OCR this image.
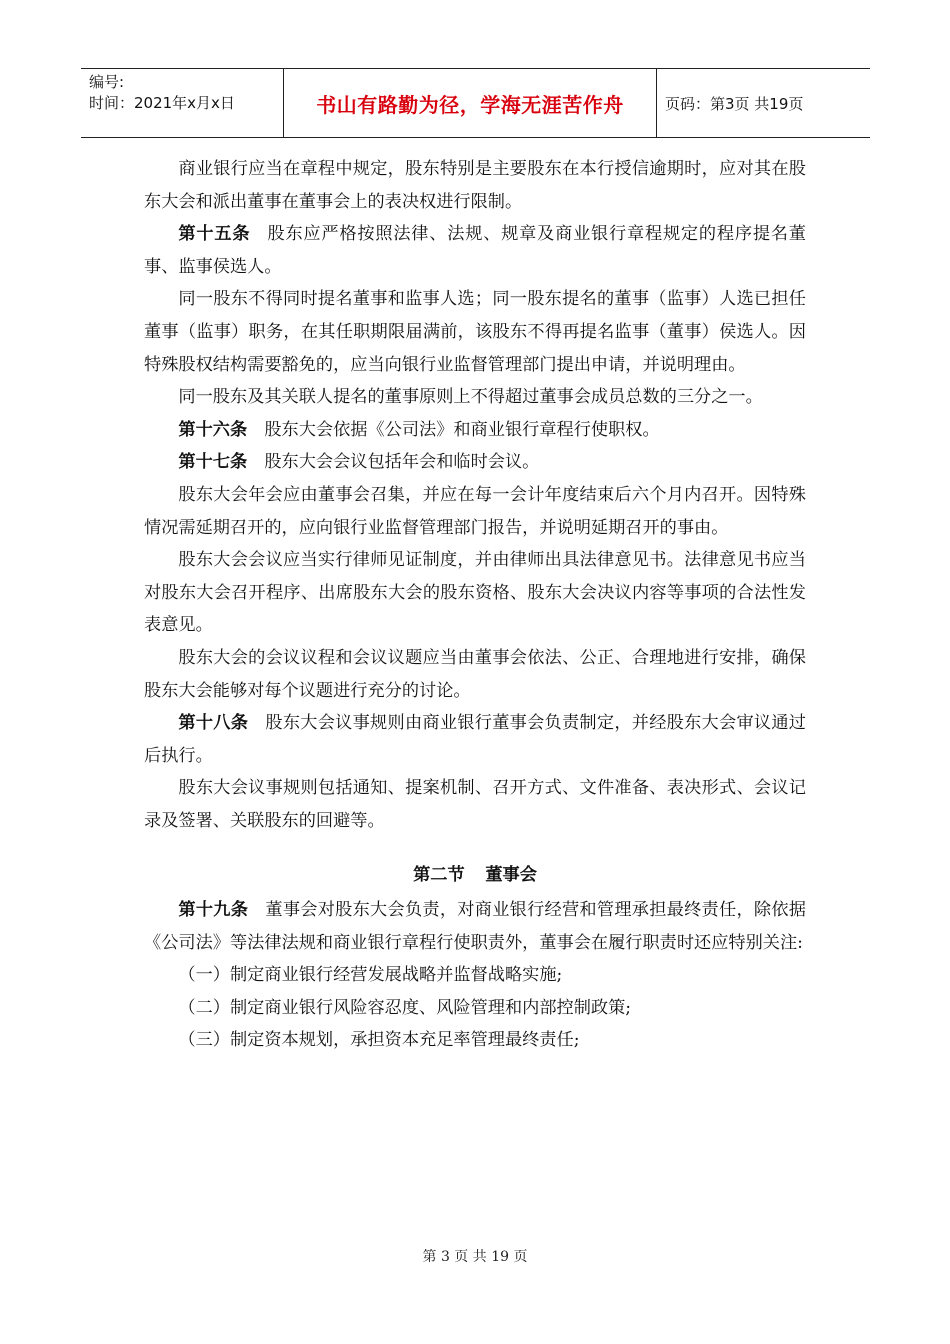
编号:
时间：2021年x月x日	书山有路勤为径，学海无涯苦作舟	页码：第3页 共19页

商业银行应当在章程中规定，股东特别是主要股东在本行授信逾期时，应对其在股东大会和派出董事在董事会上的表决权进行限制。

第十五条 股东应严格按照法律、法规、规章及商业银行章程规定的程序提名董事、监事侯选人。

同一股东不得同时提名董事和监事人选；同一股东提名的董事（监事）人选已担任董事（监事）职务，在其任职期限届满前，该股东不得再提名监事（董事）侯选人。因特殊股权结构需要豁免的，应当向银行业监督管理部门提出申请，并说明理由。

同一股东及其关联人提名的董事原则上不得超过董事会成员总数的三分之一。

第十六条 股东大会依据《公司法》和商业银行章程行使职权。

第十七条 股东大会会议包括年会和临时会议。

股东大会年会应由董事会召集，并应在每一会计年度结束后六个月内召开。因特殊情况需延期召开的，应向银行业监督管理部门报告，并说明延期召开的事由。

股东大会会议应当实行律师见证制度，并由律师出具法律意见书。法律意见书应当对股东大会召开程序、出席股东大会的股东资格、股东大会决议内容等事项的合法性发表意见。

股东大会的会议议程和会议议题应当由董事会依法、公正、合理地进行安排，确保股东大会能够对每个议题进行充分的讨论。

第十八条 股东大会议事规则由商业银行董事会负责制定，并经股东大会审议通过后执行。

股东大会议事规则包括通知、提案机制、召开方式、文件准备、表决形式、会议记录及签署、关联股东的回避等。

第二节 董事会

第十九条 董事会对股东大会负责，对商业银行经营和管理承担最终责任，除依据《公司法》等法律法规和商业银行章程行使职责外，董事会在履行职责时还应特别关注:

（一）制定商业银行经营发展战略并监督战略实施;

（二）制定商业银行风险容忍度、风险管理和内部控制政策;

（三）制定资本规划，承担资本充足率管理最终责任;

第 3 页 共 19 页
